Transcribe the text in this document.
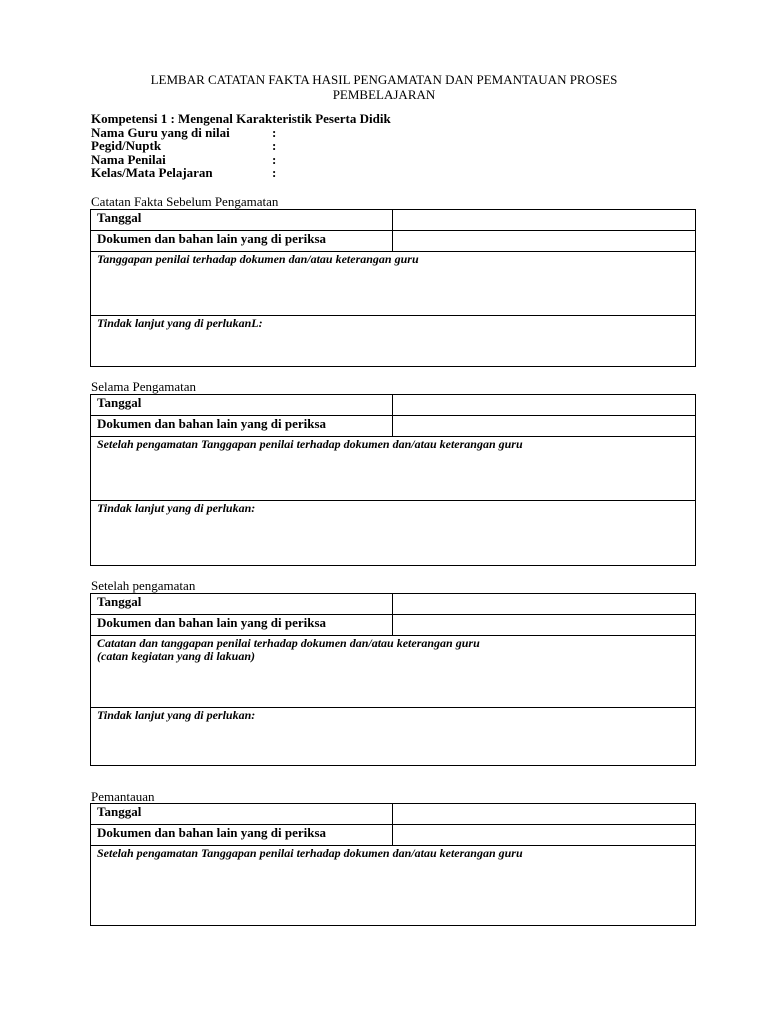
LEMBAR CATATAN FAKTA HASIL PENGAMATAN DAN PEMANTAUAN PROSES
PEMBELAJARAN
Kompetensi 1 : Mengenal Karakteristik Peserta Didik
Nama Guru yang di nilai	:
Pegid/Nuptk	:
Nama Penilai	:
Kelas/Mata Pelajaran	:
Catatan Fakta Sebelum Pengamatan
Tanggal
Dokumen dan bahan lain yang di periksa
Tanggapan penilai terhadap dokumen dan/atau keterangan guru
Tindak lanjut yang di perlukanL:
Selama Pengamatan
Tanggal
Dokumen dan bahan lain yang di periksa
Setelah pengamatan Tanggapan penilai terhadap dokumen dan/atau keterangan guru
Tindak lanjut yang di perlukan:
Setelah pengamatan
Tanggal
Dokumen dan bahan lain yang di periksa
Catatan dan tanggapan penilai terhadap dokumen dan/atau keterangan guru
(catan kegiatan yang di lakuan)
Tindak lanjut yang di perlukan:
Pemantauan
Tanggal
Dokumen dan bahan lain yang di periksa
Setelah pengamatan Tanggapan penilai terhadap dokumen dan/atau keterangan guru
